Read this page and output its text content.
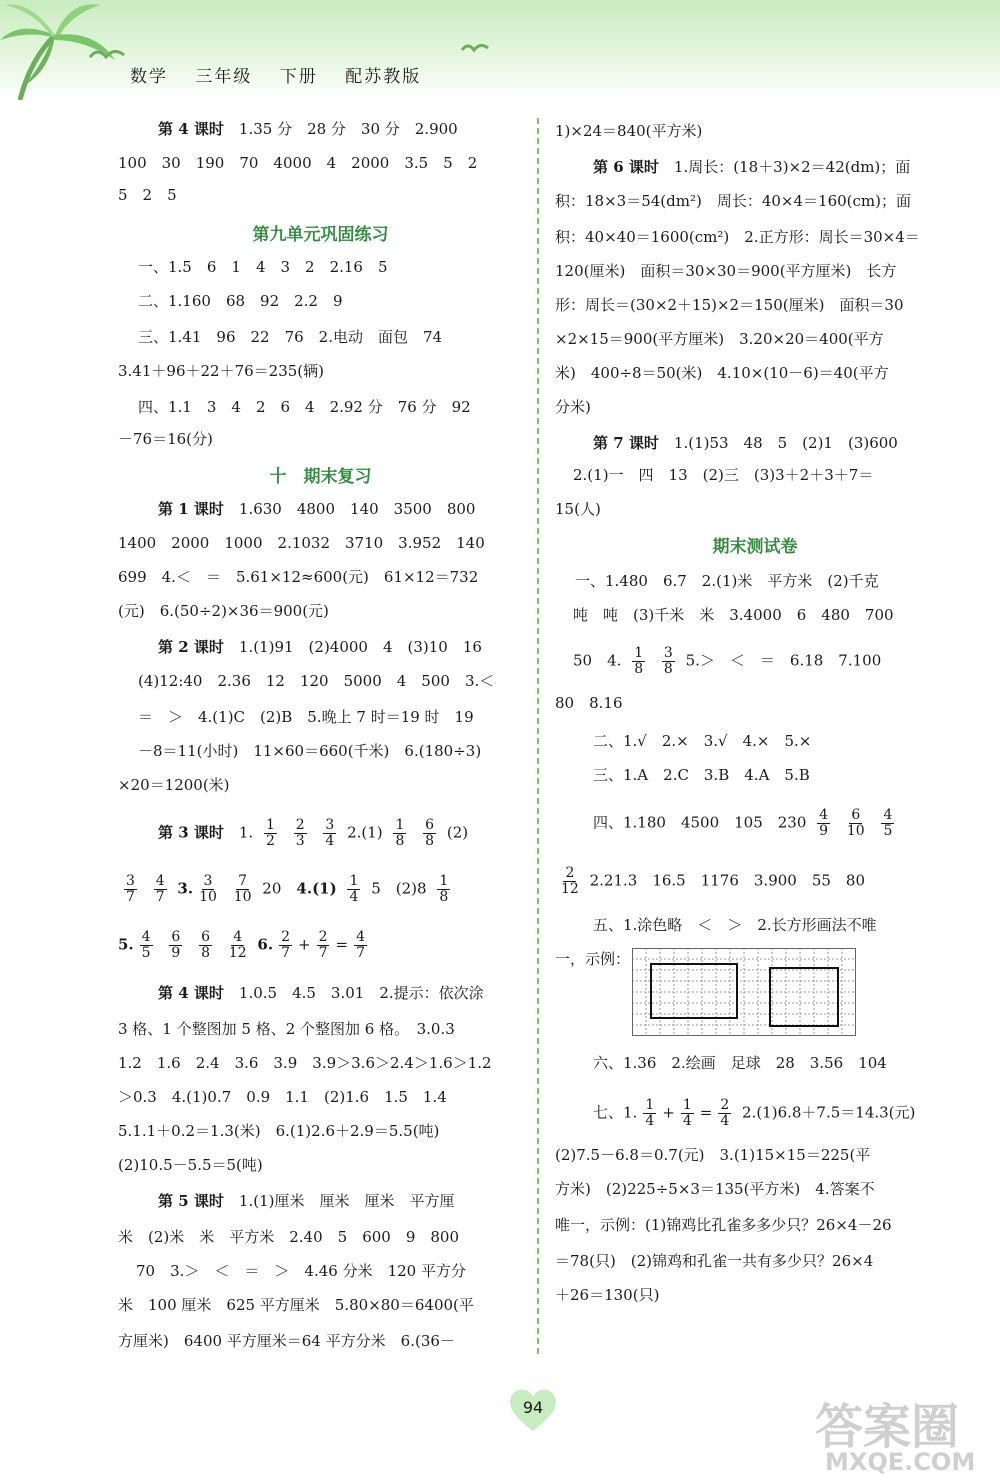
数学 三年级 下册 配苏教版
第 4 课时　 1.35 分　28 分　30 分　2.900
100　30　190　70　4000　4　2000　3.5　5　2
5　2　5
第九单元巩固练习
一、1.5　6　1　4　3　2　2.16　5
二、1.160　68　92　2.2　9
三、1.41　96　22　76　2.电动　面包　74
3.41＋96＋22＋76＝235(辆)
四、1.1　3　4　2　6　4　2.92 分　76 分　92
－76＝16(分)
十　期末复习
第 1 课时　 1.630　4800　140　3500　800
1400　2000　1000　2.1032　3710　3.952　140
699　4.＜　＝　5.61×12≈600(元)　61×12＝732
(元)　6.(50÷2)×36＝900(元)
第 2 课时　 1.(1)91　(2)4000　4　(3)10　16
(4)12:40　2.36　12　120　5000　4　500　3.＜
＝　＞　4.(1)C　(2)B　5.晚上 7 时＝19 时　19
－8＝11(小时)　11×60＝660(千米)　6.(180÷3)
×20＝1200(米)
第 3 课时　1. $\frac{1}{2}$
$\frac{2}{3}$
$\frac{3}{4} 2.(1) \frac{1}{8}$
$\frac{6}{8} (2)$
$\frac{3}{7}$
$\frac{4}{7} 3$. $\frac{3}{10}$
$\frac{7}{10} 20$　 $4.(1) \frac{1}{4} 5$　 $(2)8 \frac{1}{8}$
5. $\frac{4}{5}$
$\frac{6}{9}$
$\frac{6}{8}$
$\frac{4}{12} 6$. $\frac{2}{7} + \frac{2}{7} = \frac{4}{7}$
第 4 课时　 1.0.5　4.5　3.01　2.提示：依次涂
3 格、1 个整图加 5 格、2 个整图加 6 格。　3.0.3
1.2　1.6　2.4　3.6　3.9　3.9＞3.6＞2.4＞1.6＞1.2
＞0.3　4.(1)0.7　0.9　1.1　(2)1.6　1.5　1.4
5.1.1＋0.2＝1.3(米)　6.(1)2.6＋2.9＝5.5(吨)
(2)10.5－5.5＝5(吨)
第 5 课时　 1.(1)厘米　厘米　厘米　平方厘
米　(2)米　米　平方米　2.40　5　600　9　800
70　3.＞　＜　＝　＞　4.46 分米　120 平方分
米　100 厘米　625 平方厘米　5.80×80＝6400(平
方厘米)　6400 平方厘米＝64 平方分米　6.(36－
1)×24＝840(平方米)
第 6 课时　 1.周长：(18＋3)×2＝42(dm)；面
积：18×3＝54(dm²)　周长：40×4＝160(cm)；面
积：40×40＝1600(cm²)　2.正方形：周长＝30×4＝
120(厘米)　面积＝30×30＝900(平方厘米)　长方
形：周长＝(30×2＋15)×2＝150(厘米)　面积＝30
×2×15＝900(平方厘米)　3.20×20＝400(平方
米)　400÷8＝50(米)　4.10×(10－6)＝40(平方
分米)
第 7 课时　 1.(1)53　48　5　(2)1　(3)600
2.(1)一　四　13　(2)三　(3)3＋2＋3＋7＝
15(人)
期末测试卷
一、1.480　6.7　2.(1)米　平方米　(2)千克
吨　吨　(3)千米　米　3.4000　6　480　700
50　4. $\frac{1}{8}$
$\frac{3}{8} 5.>$　＜　＝　6.18　7.100
80　8.16
二、1.√　2.×　3.√　4.×　5.×
三、1.A　2.C　3.B　4.A　5.B
四、1.180　4500　105　$230 \frac{4}{9}$
$\frac{6}{10}$
$\frac{4}{5}$
$\frac{2}{12} 2.21.3$　16.5　1176　3.900　55　80
五、1.涂色略　＜　＞　2.长方形画法不唯
一，示例：
六、1.36　2.绘画　足球　28　3.56　104
七、1. $\frac{1}{4} + \frac{1}{4} = \frac{2}{4} 2.(1)6.8+7.5=14.3$(元)
(2)7.5－6.8＝0.7(元)　3.(1)15×15＝225(平
方米)　(2)225÷5×3＝135(平方米)　4.答案不
唯一，示例：(1)锦鸡比孔雀多多少只？26×4－26
＝78(只)　(2)锦鸡和孔雀一共有多少只？26×4
＋26＝130(只)
94	答案圈
MXQE.COM
